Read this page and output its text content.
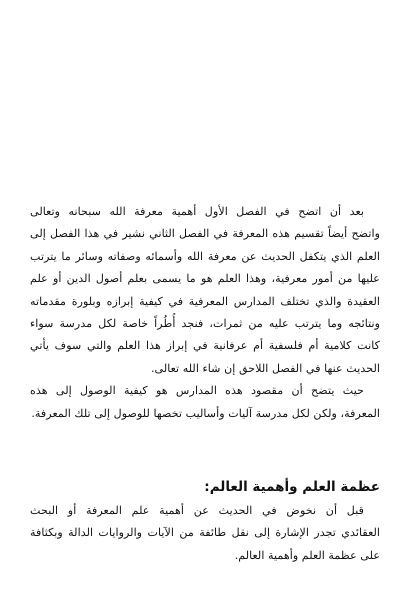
بعد أن اتضح في الفصل الأول أهمية معرفة الله سبحانه وتعالى
واتضح أيضاً تقسيم هذه المعرفة في الفصل الثاني نشير في هذا الفصل إلى
العلم الذي يتكفل الحديث عن معرفة الله وأسمائه وصفاته وسائر ما يترتب
عليها من أمور معرفية، وهذا العلم هو ما يسمى بعلم أصول الدين أو علم
العقيدة والذي تختلف المدارس المعرفية في كيفية إبرازه وبلورة مقدماته
ونتائجه وما يترتب عليه من ثمرات، فنجد أُطُراً خاصة لكل مدرسة سواء
كانت كلامية أم فلسفية أم عرفانية في إبراز هذا العلم والتي سوف يأتي
الحديث عنها في الفصل اللاحق إن شاء الله تعالى.

حيث يتضح أن مقصود هذه المدارس هو كيفية الوصول إلى هذه
المعرفة، ولكن لكل مدرسة آليات وأساليب تخصها للوصول إلى تلك المعرفة.

عظمة العلم وأهمية العالم:

قبل أن نخوض في الحديث عن أهمية علم المعرفة أو البحث
العقائدي تجدر الإشارة إلى نقل طائفة من الآيات والروايات الدالة وبكثافة
على عظمة العلم وأهمية العالم.
